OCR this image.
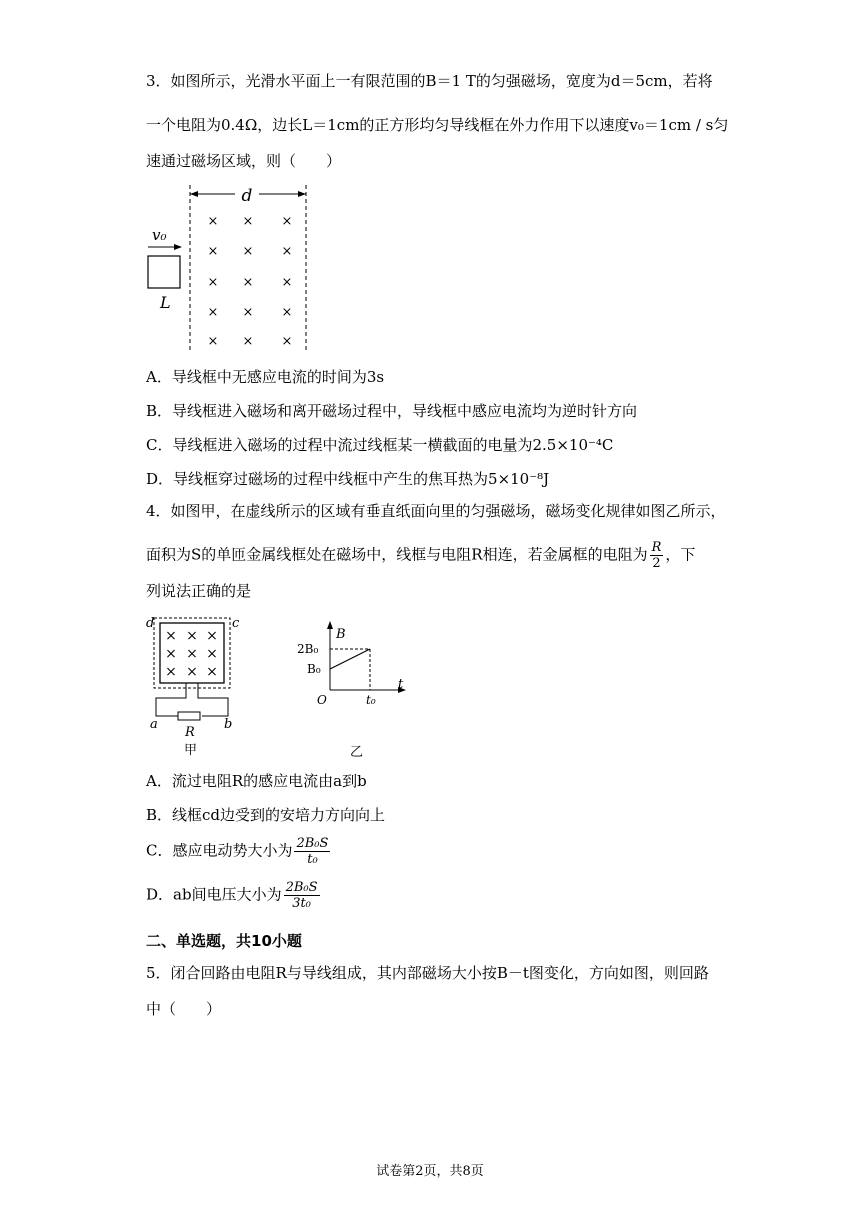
3．如图所示，光滑水平面上一有限范围的B＝1 T的匀强磁场，宽度为d＝5cm，若将
一个电阻为0.4Ω，边长L＝1cm的正方形均匀导线框在外力作用下以速度v₀＝1cm / s匀
速通过磁场区域，则（　　）
d
× × ×
× × ×
× × ×
× × ×
× × ×
v₀
L
A．导线框中无感应电流的时间为3s
B．导线框进入磁场和离开磁场过程中，导线框中感应电流均为逆时针方向
C．导线框进入磁场的过程中流过线框某一横截面的电量为2.5×10⁻⁴C
D．导线框穿过磁场的过程中线框中产生的焦耳热为5×10⁻⁸J
4．如图甲，在虚线所示的区域有垂直纸面向里的匀强磁场，磁场变化规律如图乙所示，
面积为S的单匝金属线框处在磁场中，线框与电阻R相连，若金属框的电阻为 $\frac{R}{2}$ ，下
列说法正确的是
d	c
× × ×
× × ×
× × ×
a	b
R
甲
B
t
2B₀
B₀
O	t₀
乙
A．流过电阻R的感应电流由a到b
B．线框cd边受到的安培力方向向上
C．感应电动势大小为 $\frac{\text{2B₀S}}{\text{t₀}}$
D．ab间电压大小为 $\frac{\text{2B₀S}}{\text{3t₀}}$
二、单选题，共10小题
5．闭合回路由电阻R与导线组成，其内部磁场大小按B－t图变化，方向如图，则回路
中（　　）
试卷第2页，共8页
